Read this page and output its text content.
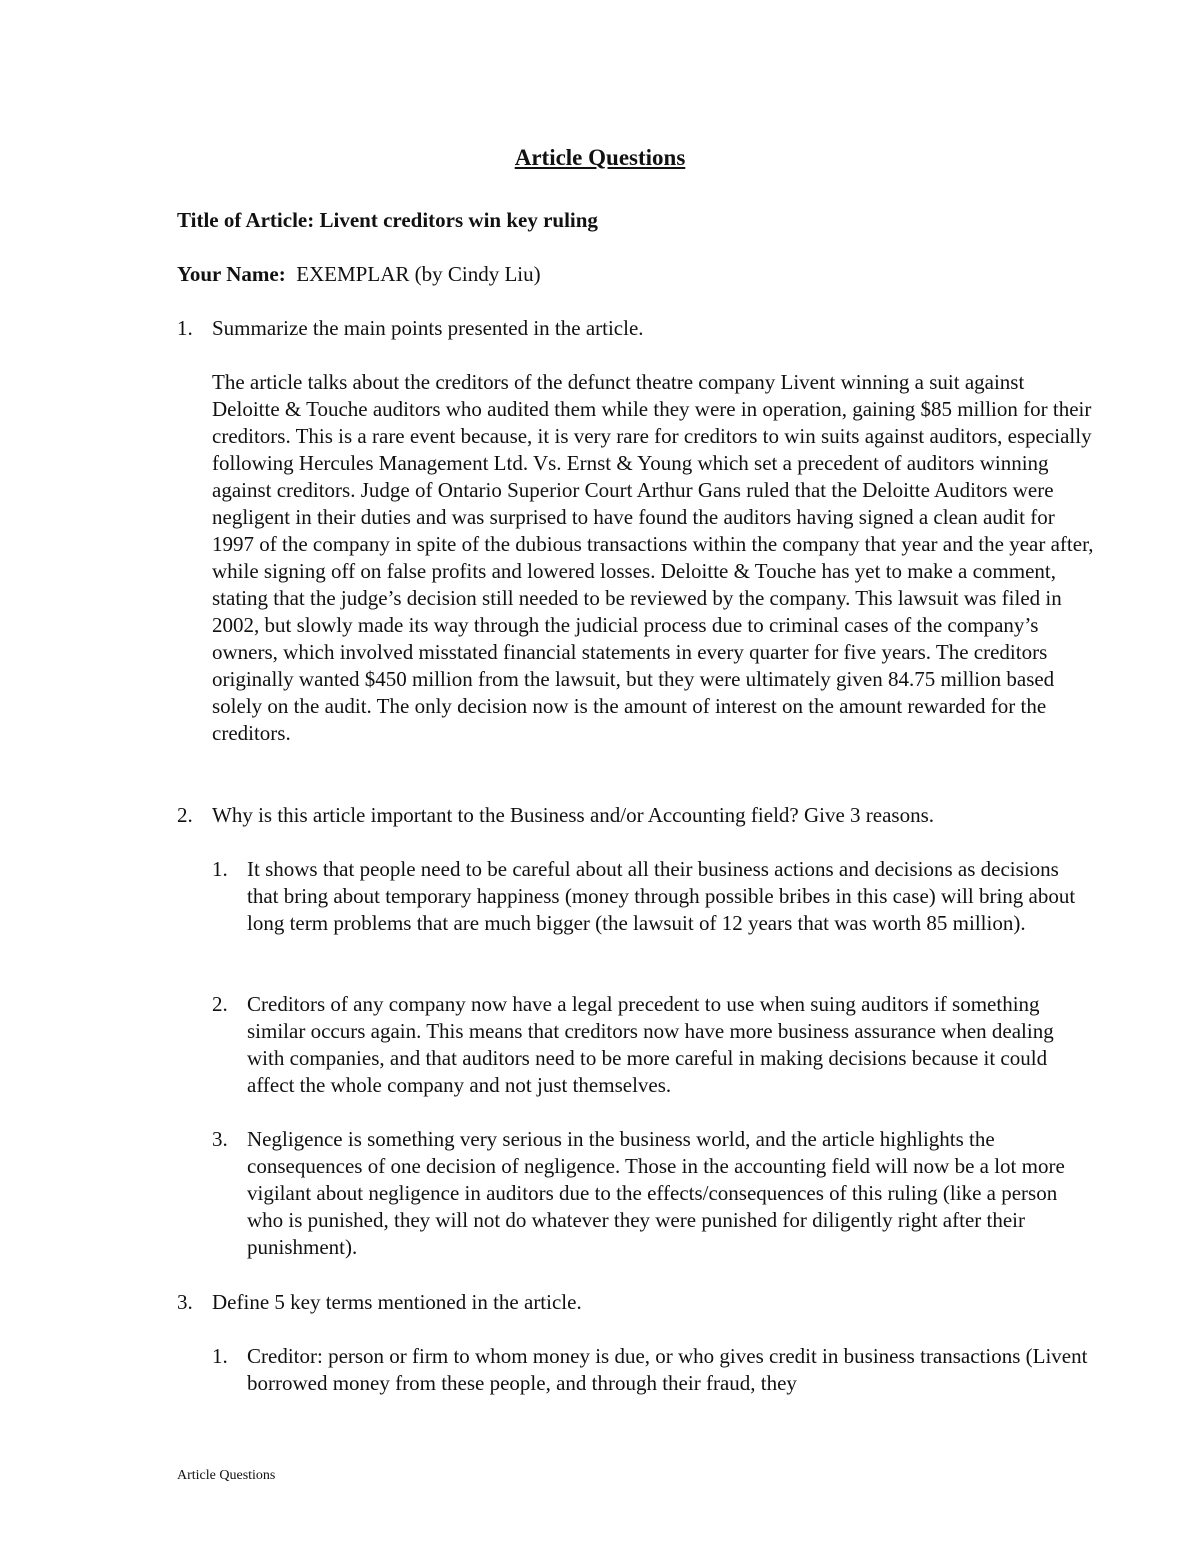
Article Questions
Title of Article: Livent creditors win key ruling
Your Name: EXEMPLAR (by Cindy Liu)
1. Summarize the main points presented in the article.
The article talks about the creditors of the defunct theatre company Livent winning a suit against Deloitte & Touche auditors who audited them while they were in operation, gaining $85 million for their creditors. This is a rare event because, it is very rare for creditors to win suits against auditors, especially following Hercules Management Ltd. Vs. Ernst & Young which set a precedent of auditors winning against creditors. Judge of Ontario Superior Court Arthur Gans ruled that the Deloitte Auditors were negligent in their duties and was surprised to have found the auditors having signed a clean audit for 1997 of the company in spite of the dubious transactions within the company that year and the year after, while signing off on false profits and lowered losses. Deloitte & Touche has yet to make a comment, stating that the judge’s decision still needed to be reviewed by the company. This lawsuit was filed in 2002, but slowly made its way through the judicial process due to criminal cases of the company’s owners, which involved misstated financial statements in every quarter for five years. The creditors originally wanted $450 million from the lawsuit, but they were ultimately given 84.75 million based solely on the audit. The only decision now is the amount of interest on the amount rewarded for the creditors.
2. Why is this article important to the Business and/or Accounting field? Give 3 reasons.
1. It shows that people need to be careful about all their business actions and decisions as decisions that bring about temporary happiness (money through possible bribes in this case) will bring about long term problems that are much bigger (the lawsuit of 12 years that was worth 85 million).
2. Creditors of any company now have a legal precedent to use when suing auditors if something similar occurs again. This means that creditors now have more business assurance when dealing with companies, and that auditors need to be more careful in making decisions because it could affect the whole company and not just themselves.
3. Negligence is something very serious in the business world, and the article highlights the consequences of one decision of negligence. Those in the accounting field will now be a lot more vigilant about negligence in auditors due to the effects/consequences of this ruling (like a person who is punished, they will not do whatever they were punished for diligently right after their punishment).
3. Define 5 key terms mentioned in the article.
1. Creditor: person or firm to whom money is due, or who gives credit in business transactions (Livent borrowed money from these people, and through their fraud, they
Article Questions
